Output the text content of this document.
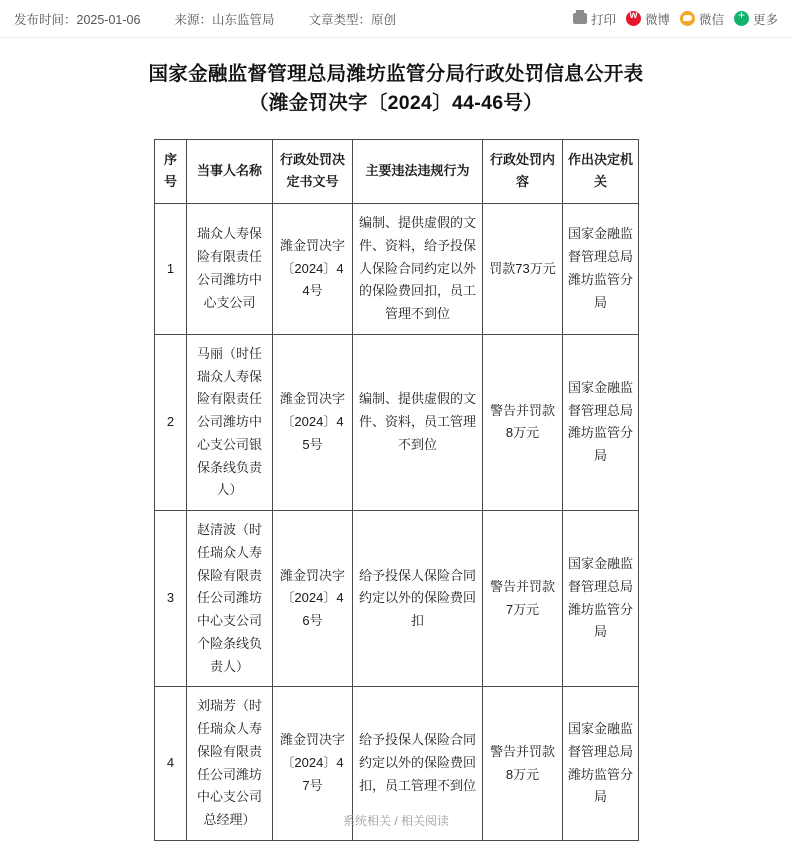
发布时间：2025-01-06	来源：山东监管局	文章类型：原创	打印 w 微博 微信 + 更多
国家金融监督管理总局潍坊监管分局行政处罚信息公开表
（潍金罚决字〔2024〕44-46号）
序号	当事人名称	行政处罚决定书文号	主要违法违规行为	行政处罚内容	作出决定机关
1	瑞众人寿保险有限责任公司潍坊中心支公司	潍金罚决字〔2024〕44号	编制、提供虚假的文件、资料，给予投保人保险合同约定以外的保险费回扣，员工管理不到位	罚款73万元	国家金融监督管理总局潍坊监管分局
2	马丽（时任瑞众人寿保险有限责任公司潍坊中心支公司银保条线负责人）	潍金罚决字〔2024〕45号	编制、提供虚假的文件、资料，员工管理不到位	警告并罚款8万元	国家金融监督管理总局潍坊监管分局
3	赵清波（时任瑞众人寿保险有限责任公司潍坊中心支公司个险条线负责人）	潍金罚决字〔2024〕46号	给予投保人保险合同约定以外的保险费回扣	警告并罚款7万元	国家金融监督管理总局潍坊监管分局
4	刘瑞芳（时任瑞众人寿保险有限责任公司潍坊中心支公司总经理）	潍金罚决字〔2024〕47号	给予投保人保险合同约定以外的保险费回扣，员工管理不到位	警告并罚款8万元	国家金融监督管理总局潍坊监管分局
系统相关 / 相关阅读
